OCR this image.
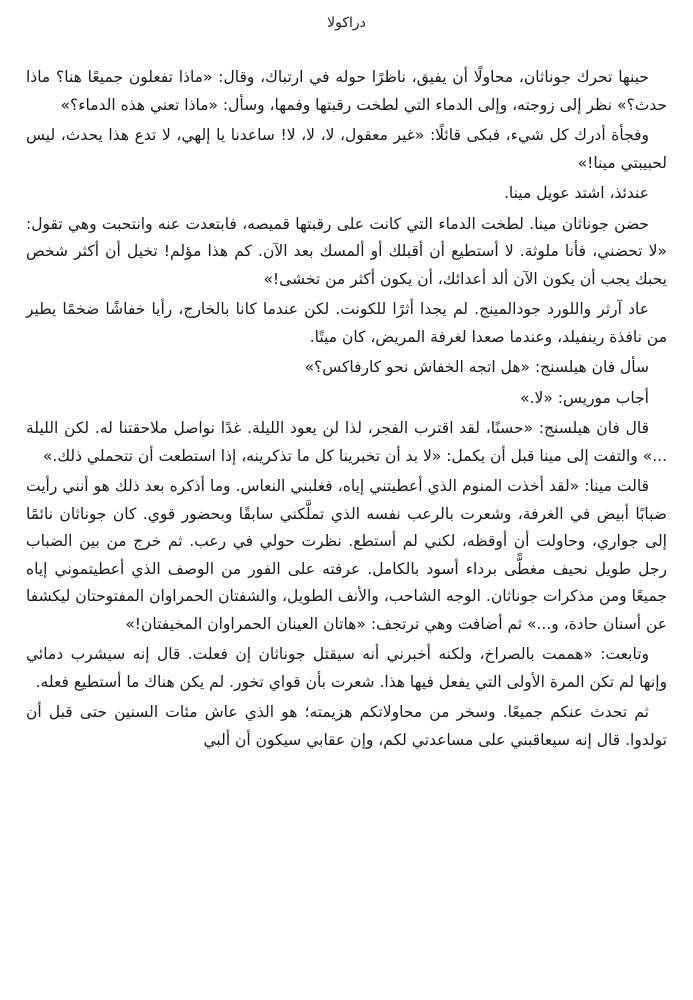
دراكولا

حينها تحرك جوناثان، محاولًا أن يفيق، ناظرًا حوله في ارتباك، وقال: «ماذا تفعلون جميعًا هنا؟ ماذا حدث؟» نظر إلى زوجته، وإلى الدماء التي لطخت رقبتها وفمها، وسأل: «ماذا تعني هذه الدماء؟»

وفجأة أدرك كل شيء، فبكى قائلًا: «غير معقول، لا، لا، لا! ساعدنا يا إلهي، لا تدع هذا يحدث، ليس لحبيبتي مينا!»

عندئذ، اشتد عويل مينا.

حضن جوناثان مينا. لطخت الدماء التي كانت على رقبتها قميصه، فابتعدت عنه وانتحبت وهي تقول: «لا تحضني، فأنا ملوثة. لا أستطيع أن أقبلك أو ألمسك بعد الآن. كم هذا مؤلم! تخيل أن أكثر شخص يحبك يجب أن يكون الآن ألد أعدائك، أن يكون أكثر من تخشى!»

عاد آرثر واللورد جودالمينج. لم يجدا أثرًا للكونت. لكن عندما كانا بالخارج، رأيا خفاشًا ضخمًا يطير من نافذة رينفيلد، وعندما صعدا لغرفة المريض، كان ميتًا.

سأل فان هيلسنج: «هل اتجه الخفاش نحو كارفاكس؟»

أجاب موريس: «لا.»

قال فان هيلسنج: «حسنًا، لقد اقترب الفجر، لذا لن يعود الليلة. غدًا نواصل ملاحقتنا له. لكن الليلة ...» والتفت إلى مينا قبل أن يكمل: «لا بد أن تخبرينا كل ما تذكرينه، إذا استطعت أن تتحملي ذلك.»

قالت مينا: «لقد أخذت المنوم الذي أعطيتني إياه، فغلبني النعاس. وما أذكره بعد ذلك هو أنني رأيت ضبابًا أبيض في الغرفة، وشعرت بالرعب نفسه الذي تملَّكني سابقًا وبحضور قوي. كان جوناثان نائمًا إلى جواري، وحاولت أن أوقظه، لكني لم أستطع. نظرت حولي في رعب. ثم خرج من بين الضباب رجل طويل نحيف مغطًّى برداء أسود بالكامل. عرفته على الفور من الوصف الذي أعطيتموني إياه جميعًا ومن مذكرات جوناثان. الوجه الشاحب، والأنف الطويل، والشفتان الحمراوان المفتوحتان ليكشفا عن أسنان حادة، و...» ثم أضافت وهي ترتجف: «هاتان العينان الحمراوان المخيفتان!»

وتابعت: «هممت بالصراخ، ولكنه أخبرني أنه سيقتل جوناثان إن فعلت. قال إنه سيشرب دمائي وإنها لم تكن المرة الأولى التي يفعل فيها هذا. شعرت بأن قواي تخور. لم يكن هناك ما أستطيع فعله.

ثم تحدث عنكم جميعًا. وسخر من محاولاتكم هزيمته؛ هو الذي عاش مئات السنين حتى قبل أن تولدوا. قال إنه سيعاقبني على مساعدتي لكم، وإن عقابي سيكون أن ألبي
